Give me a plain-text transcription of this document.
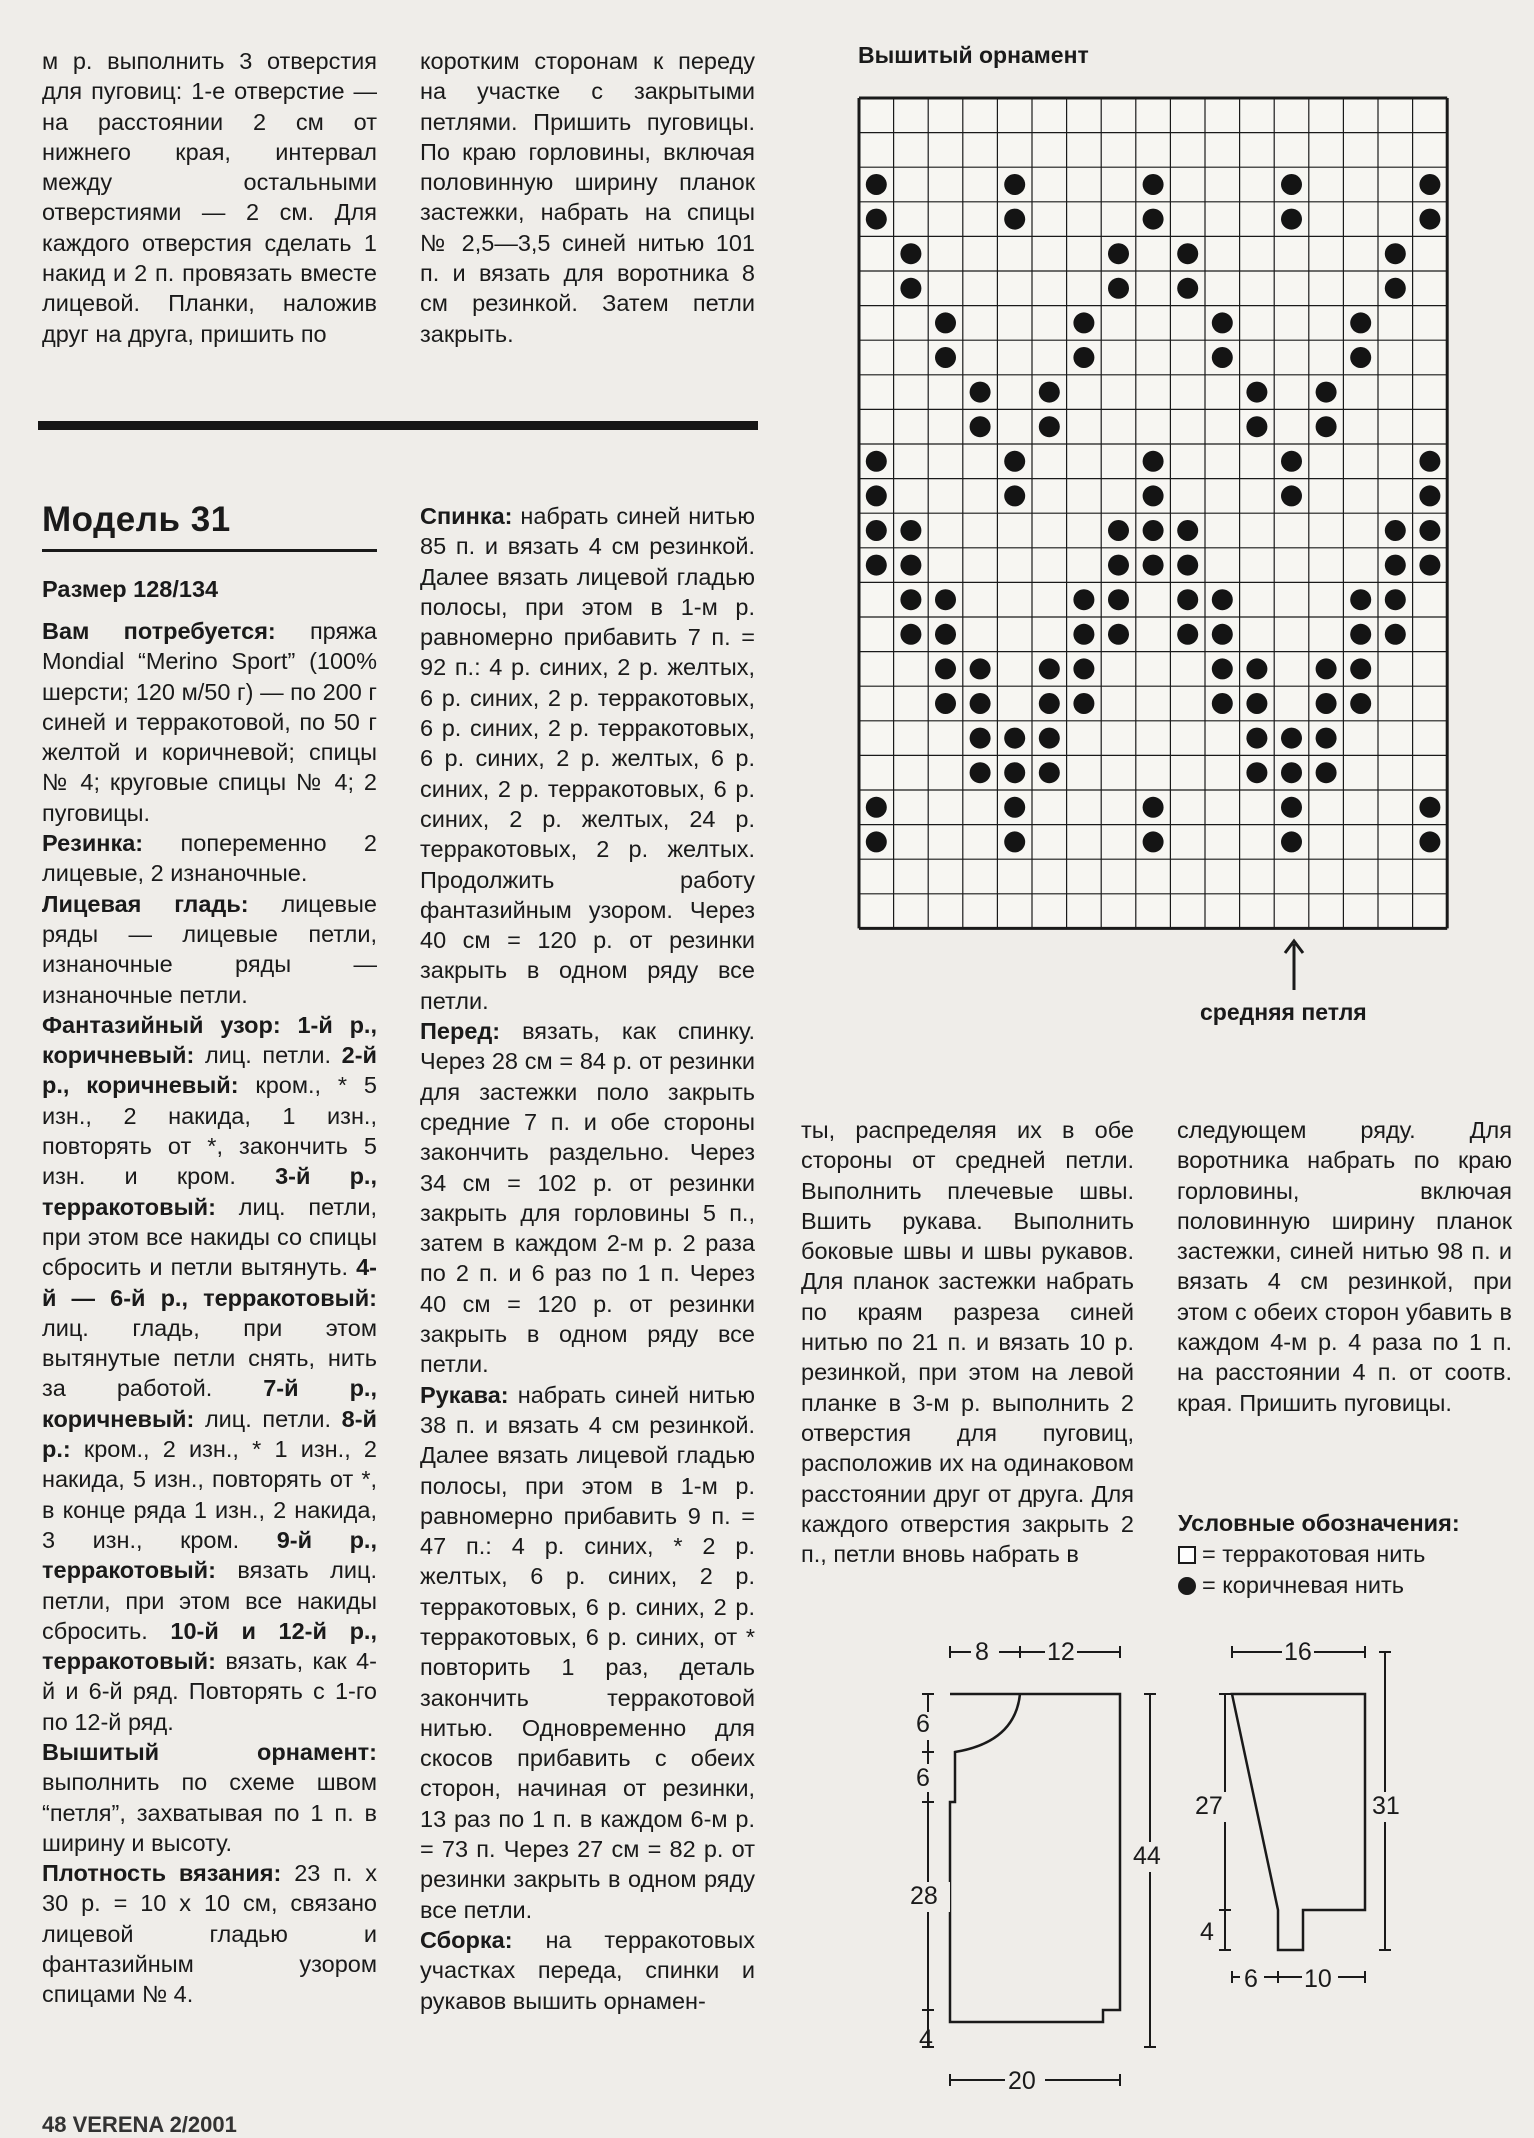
м р. выполнить 3 отверстия для пуговиц: 1-е отверстие — на расстоянии 2 см от нижнего края, интервал между остальными отверстиями — 2 см. Для каждого отверстия сделать 1 накид и 2 п. провязать вместе лицевой. Планки, наложив друг на друга, пришить по

коротким сторонам к переду на участке с закрытыми петлями. Пришить пуговицы. По краю горловины, включая половинную ширину планок застежки, набрать на спицы № 2,5—3,5 синей нитью 101 п. и вязать для воротника 8 см резинкой. Затем петли закрыть.

Модель 31
Размер 128/134

Вам потребуется: пряжа Mondial “Merino Sport” (100% шерсти; 120 м/50 г) — по 200 г синей и терракотовой, по 50 г желтой и коричневой; спицы № 4; круговые спицы № 4; 2 пуговицы.

Резинка: попеременно 2 лицевые, 2 изнаночные.

Лицевая гладь: лицевые ряды — лицевые петли, изнаночные ряды — изнаночные петли.

Фантазийный узор: 1-й р., коричневый: лиц. петли. 2-й р., коричневый: кром., * 5 изн., 2 накида, 1 изн., повторять от *, закончить 5 изн. и кром. 3-й р., терракотовый: лиц. петли, при этом все накиды со спицы сбросить и петли вытянуть. 4-й — 6-й р., терракотовый: лиц. гладь, при этом вытянутые петли снять, нить за работой. 7-й р., коричневый: лиц. петли. 8-й р.: кром., 2 изн., * 1 изн., 2 накида, 5 изн., повторять от *, в конце ряда 1 изн., 2 накида, 3 изн., кром. 9-й р., терракотовый: вязать лиц. петли, при этом все накиды сбросить. 10-й и 12-й р., терракотовый: вязать, как 4-й и 6-й ряд. Повторять с 1-го по 12-й ряд.

Вышитый орнамент: выполнить по схеме швом “петля”, захватывая по 1 п. в ширину и высоту.

Плотность вязания: 23 п. х 30 р. = 10 х 10 см, связано лицевой гладью и фантазийным узором спицами № 4.

Спинка: набрать синей нитью 85 п. и вязать 4 см резинкой. Далее вязать лицевой гладью полосы, при этом в 1-м р. равномерно прибавить 7 п. = 92 п.: 4 р. синих, 2 р. желтых, 6 р. синих, 2 р. терракотовых, 6 р. синих, 2 р. терракотовых, 6 р. синих, 2 р. желтых, 6 р. синих, 2 р. терракотовых, 6 р. синих, 2 р. желтых, 24 р. терракотовых, 2 р. желтых. Продолжить работу фантазийным узором. Через 40 см = 120 р. от резинки закрыть в одном ряду все петли.

Перед: вязать, как спинку. Через 28 см = 84 р. от резинки для застежки поло закрыть средние 7 п. и обе стороны закончить раздельно. Через 34 см = 102 р. от резинки закрыть для горловины 5 п., затем в каждом 2-м р. 2 раза по 2 п. и 6 раз по 1 п. Через 40 см = 120 р. от резинки закрыть в одном ряду все петли.

Рукава: набрать синей нитью 38 п. и вязать 4 см резинкой. Далее вязать лицевой гладью полосы, при этом в 1-м р. равномерно прибавить 9 п. = 47 п.: 4 р. синих, * 2 р. желтых, 6 р. синих, 2 р. терракотовых, 6 р. синих, 2 р. терракотовых, 6 р. синих, от * повторить 1 раз, деталь закончить терракотовой нитью. Одновременно для скосов прибавить с обеих сторон, начиная от резинки, 13 раз по 1 п. в каждом 6-м р. = 73 п. Через 27 см = 82 р. от резинки закрыть в одном ряду все петли.

Сборка: на терракотовых участках переда, спинки и рукавов вышить орнамен-

Вышитый орнамент
средняя петля

ты, распределяя их в обе стороны от средней петли. Выполнить плечевые швы. Вшить рукава. Выполнить боковые швы и швы рукавов. Для планок застежки набрать по краям разреза синей нитью по 21 п. и вязать 10 р. резинкой, при этом на левой планке в 3-м р. выполнить 2 отверстия для пуговиц, расположив их на одинаковом расстоянии друг от друга. Для каждого отверстия закрыть 2 п., петли вновь набрать в

следующем ряду. Для воротника набрать по краю горловины, включая половинную ширину планок застежки, синей нитью 98 п. и вязать 4 см резинкой, при этом с обеих сторон убавить в каждом 4-м р. 4 раза по 1 п. на расстоянии 4 п. от соотв. края. Пришить пуговицы.

Условные обозначения:
= терракотовая нить
= коричневая нить
8 12
6
6
28
44
4
20
16
27	31
4
6 10
48 VERENA 2/2001
